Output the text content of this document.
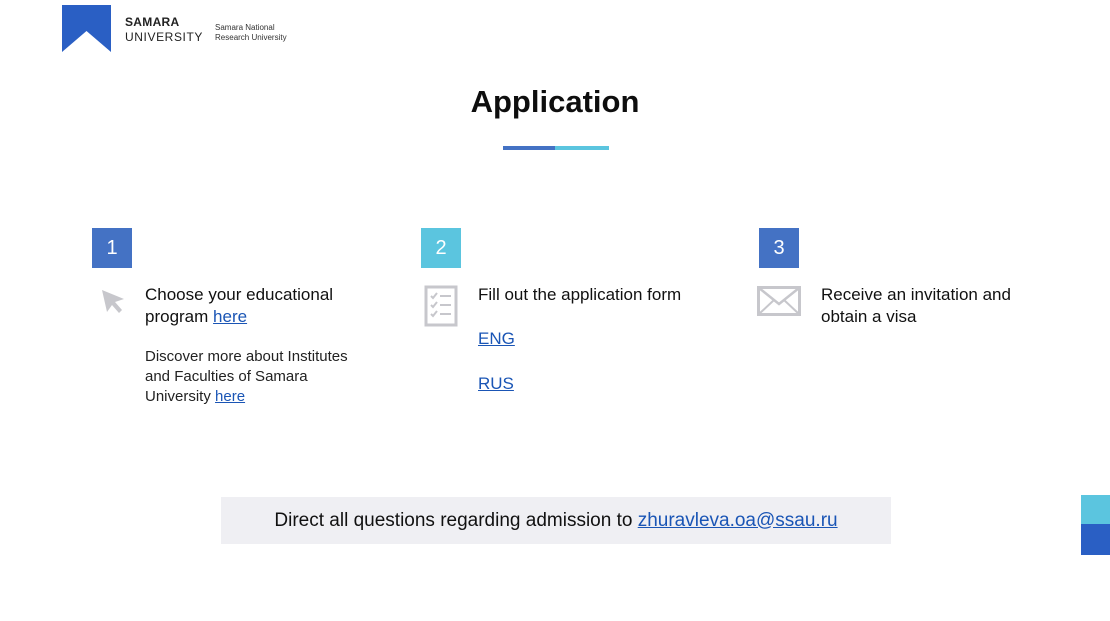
SAMARA
UNIVERSITY
Samara National
Research University
Application
1
Choose your educational program here
Discover more about Institutes and Faculties of Samara University here
2
Fill out the application form
ENG
RUS
3
Receive an invitation and obtain a visa
Direct all questions regarding admission to
zhuravleva.oa@ssau.ru
